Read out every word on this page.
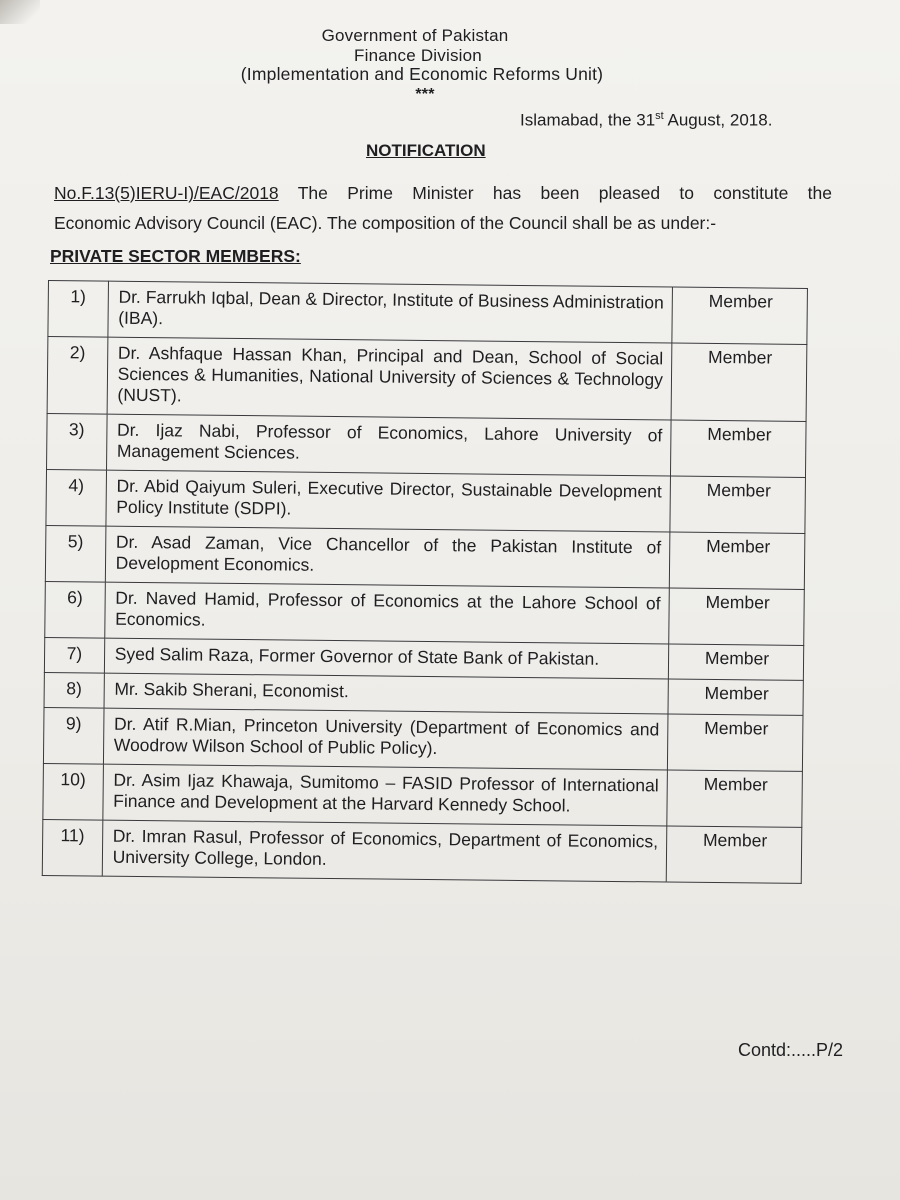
Government of Pakistan
Finance Division
(Implementation and Economic Reforms Unit)
***
Islamabad, the 31st August, 2018.
NOTIFICATION
No.F.13(5)IERU-I)/EAC/2018 The Prime Minister has been pleased to constitute the
Economic Advisory Council (EAC). The composition of the Council shall be as under:-
PRIVATE SECTOR MEMBERS:
1)	Dr. Farrukh Iqbal, Dean & Director, Institute of Business Administration (IBA).	Member
2)	Dr. Ashfaque Hassan Khan, Principal and Dean, School of Social Sciences & Humanities, National University of Sciences & Technology (NUST).	Member
3)	Dr. Ijaz Nabi, Professor of Economics, Lahore University of Management Sciences.	Member
4)	Dr. Abid Qaiyum Suleri, Executive Director, Sustainable Development Policy Institute (SDPI).	Member
5)	Dr. Asad Zaman, Vice Chancellor of the Pakistan Institute of Development Economics.	Member
6)	Dr. Naved Hamid, Professor of Economics at the Lahore School of Economics.	Member
7)	Syed Salim Raza, Former Governor of State Bank of Pakistan.	Member
8)	Mr. Sakib Sherani, Economist.	Member
9)	Dr. Atif R.Mian, Princeton University (Department of Economics and Woodrow Wilson School of Public Policy).	Member
10)	Dr. Asim Ijaz Khawaja, Sumitomo – FASID Professor of International Finance and Development at the Harvard Kennedy School.	Member
11)	Dr. Imran Rasul, Professor of Economics, Department of Economics, University College, London.	Member
Contd:.....P/2
